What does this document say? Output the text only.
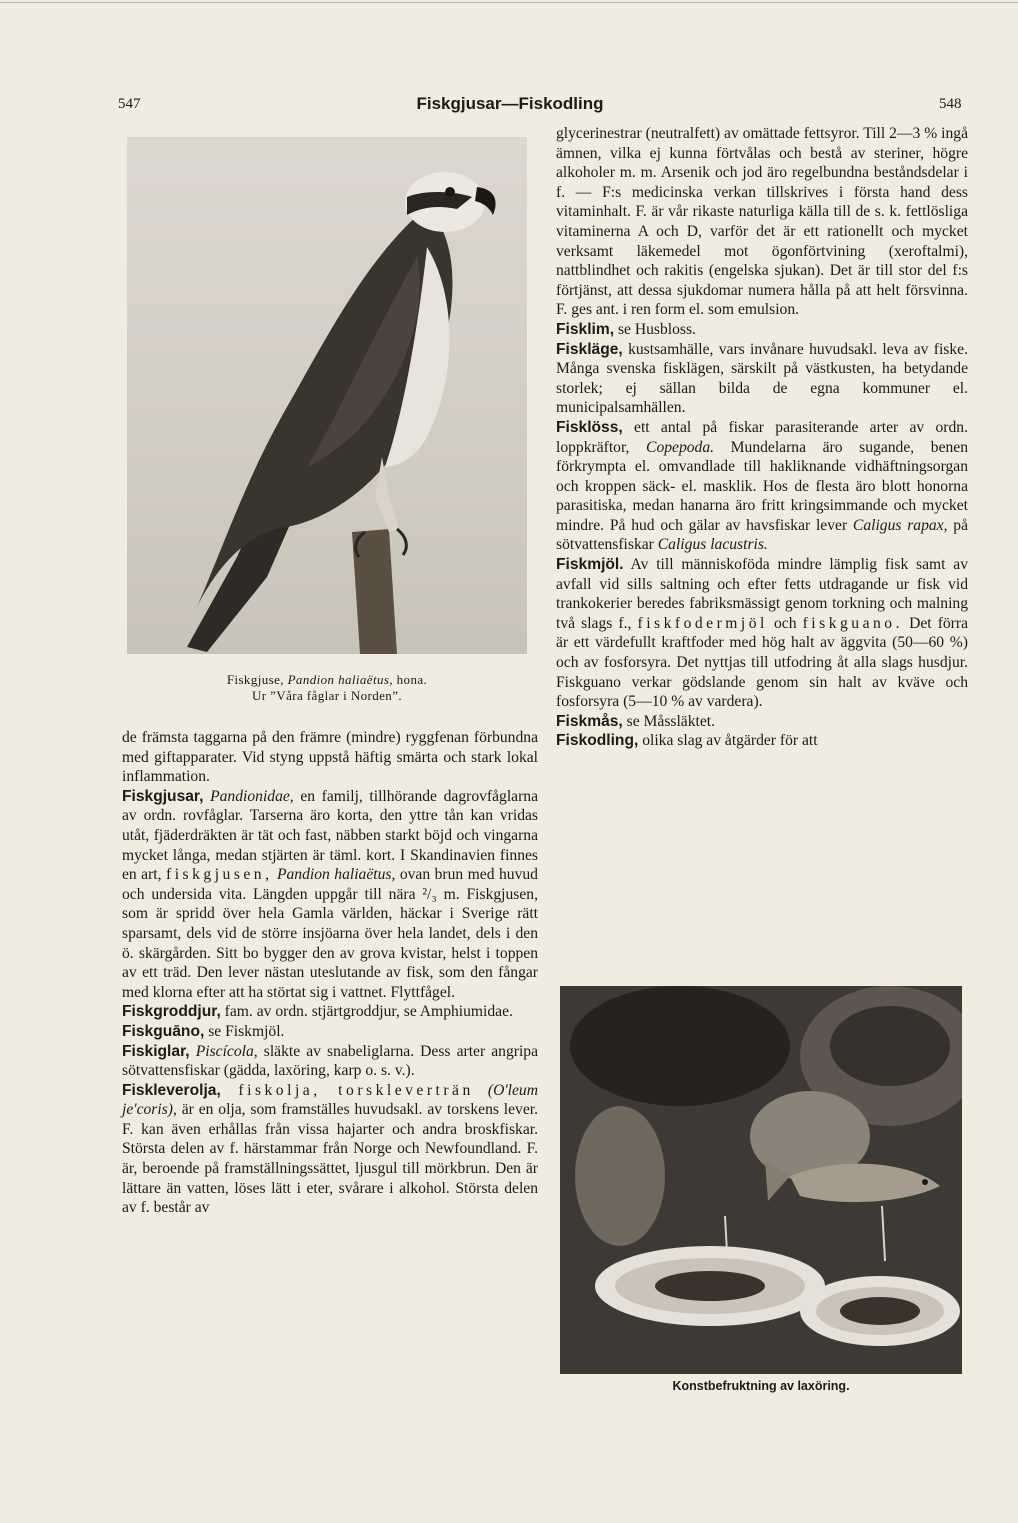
547	Fiskgjusar—Fiskodling	548
Fiskgjuse, Pandion haliaëtus, hona.
Ur ”Våra fåglar i Norden”.

de främsta taggarna på den främre (mindre) ryggfenan förbundna med giftapparater. Vid styng uppstå häftig smärta och stark lokal inflammation.

Fiskgjusar, Pandionidae, en familj, tillhörande dagrovfåglarna av ordn. rovfåglar. Tarserna äro korta, den yttre tån kan vridas utåt, fjäderdräkten är tät och fast, näbben starkt böjd och vingarna mycket långa, medan stjärten är täml. kort. I Skandinavien finnes en art, fiskgjusen, Pandion haliaëtus, ovan brun med huvud och undersida vita. Längden uppgår till nära ²/₃ m. Fiskgjusen, som är spridd över hela Gamla världen, häckar i Sverige rätt sparsamt, dels vid de större insjöarna över hela landet, dels i den ö. skärgården. Sitt bo bygger den av grova kvistar, helst i toppen av ett träd. Den lever nästan uteslutande av fisk, som den fångar med klorna efter att ha störtat sig i vattnet. Flyttfågel.

Fiskgroddjur, fam. av ordn. stjärtgroddjur, se Amphiumidae.

Fiskguāno, se Fiskmjöl.

Fiskiglar, Piscícola, släkte av snabeliglarna. Dess arter angripa sötvattensfiskar (gädda, laxöring, karp o. s. v.).

Fiskleverolja, fiskolja, torskleverträn (O'leum je'coris), är en olja, som framställes huvudsakl. av torskens lever. F. kan även erhållas från vissa hajarter och andra broskfiskar. Största delen av f. härstammar från Norge och Newfoundland. F. är, beroende på framställningssättet, ljusgul till mörkbrun. Den är lättare än vatten, löses lätt i eter, svårare i alkohol. Största delen av f. består av

glycerinestrar (neutralfett) av omättade fettsyror. Till 2—3 % ingå ämnen, vilka ej kunna förtvålas och bestå av steriner, högre alkoholer m. m. Arsenik och jod äro regelbundna beståndsdelar i f. — F:s medicinska verkan tillskrives i första hand dess vitaminhalt. F. är vår rikaste naturliga källa till de s. k. fettlösliga vitaminerna A och D, varför det är ett rationellt och mycket verksamt läkemedel mot ögonförtvining (xeroftalmi), nattblindhet och rakitis (engelska sjukan). Det är till stor del f:s förtjänst, att dessa sjukdomar numera hålla på att helt försvinna. F. ges ant. i ren form el. som emulsion.

Fisklim, se Husbloss.

Fiskläge, kustsamhälle, vars invånare huvudsakl. leva av fiske. Många svenska fisklägen, särskilt på västkusten, ha betydande storlek; ej sällan bilda de egna kommuner el. municipalsamhällen.

Fisklöss, ett antal på fiskar parasiterande arter av ordn. loppkräftor, Copepoda. Mundelarna äro sugande, benen förkrympta el. omvandlade till hakliknande vidhäftningsorgan och kroppen säck- el. masklik. Hos de flesta äro blott honorna parasitiska, medan hanarna äro fritt kringsimmande och mycket mindre. På hud och gälar av havsfiskar lever Caligus rapax, på sötvattensfiskar Caligus lacustris.

Fiskmjöl. Av till människoföda mindre lämplig fisk samt av avfall vid sills saltning och efter fetts utdragande ur fisk vid trankokerier beredes fabriksmässigt genom torkning och malning två slags f., fiskfodermjöl och fiskguano. Det förra är ett värdefullt kraftfoder med hög halt av äggvita (50—60 %) och av fosforsyra. Det nyttjas till utfodring åt alla slags husdjur. Fiskguano verkar gödslande genom sin halt av kväve och fosforsyra (5—10 % av vardera).

Fiskmås, se Måssläktet.

Fiskodling, olika slag av åtgärder för att

Konstbefruktning av laxöring.
